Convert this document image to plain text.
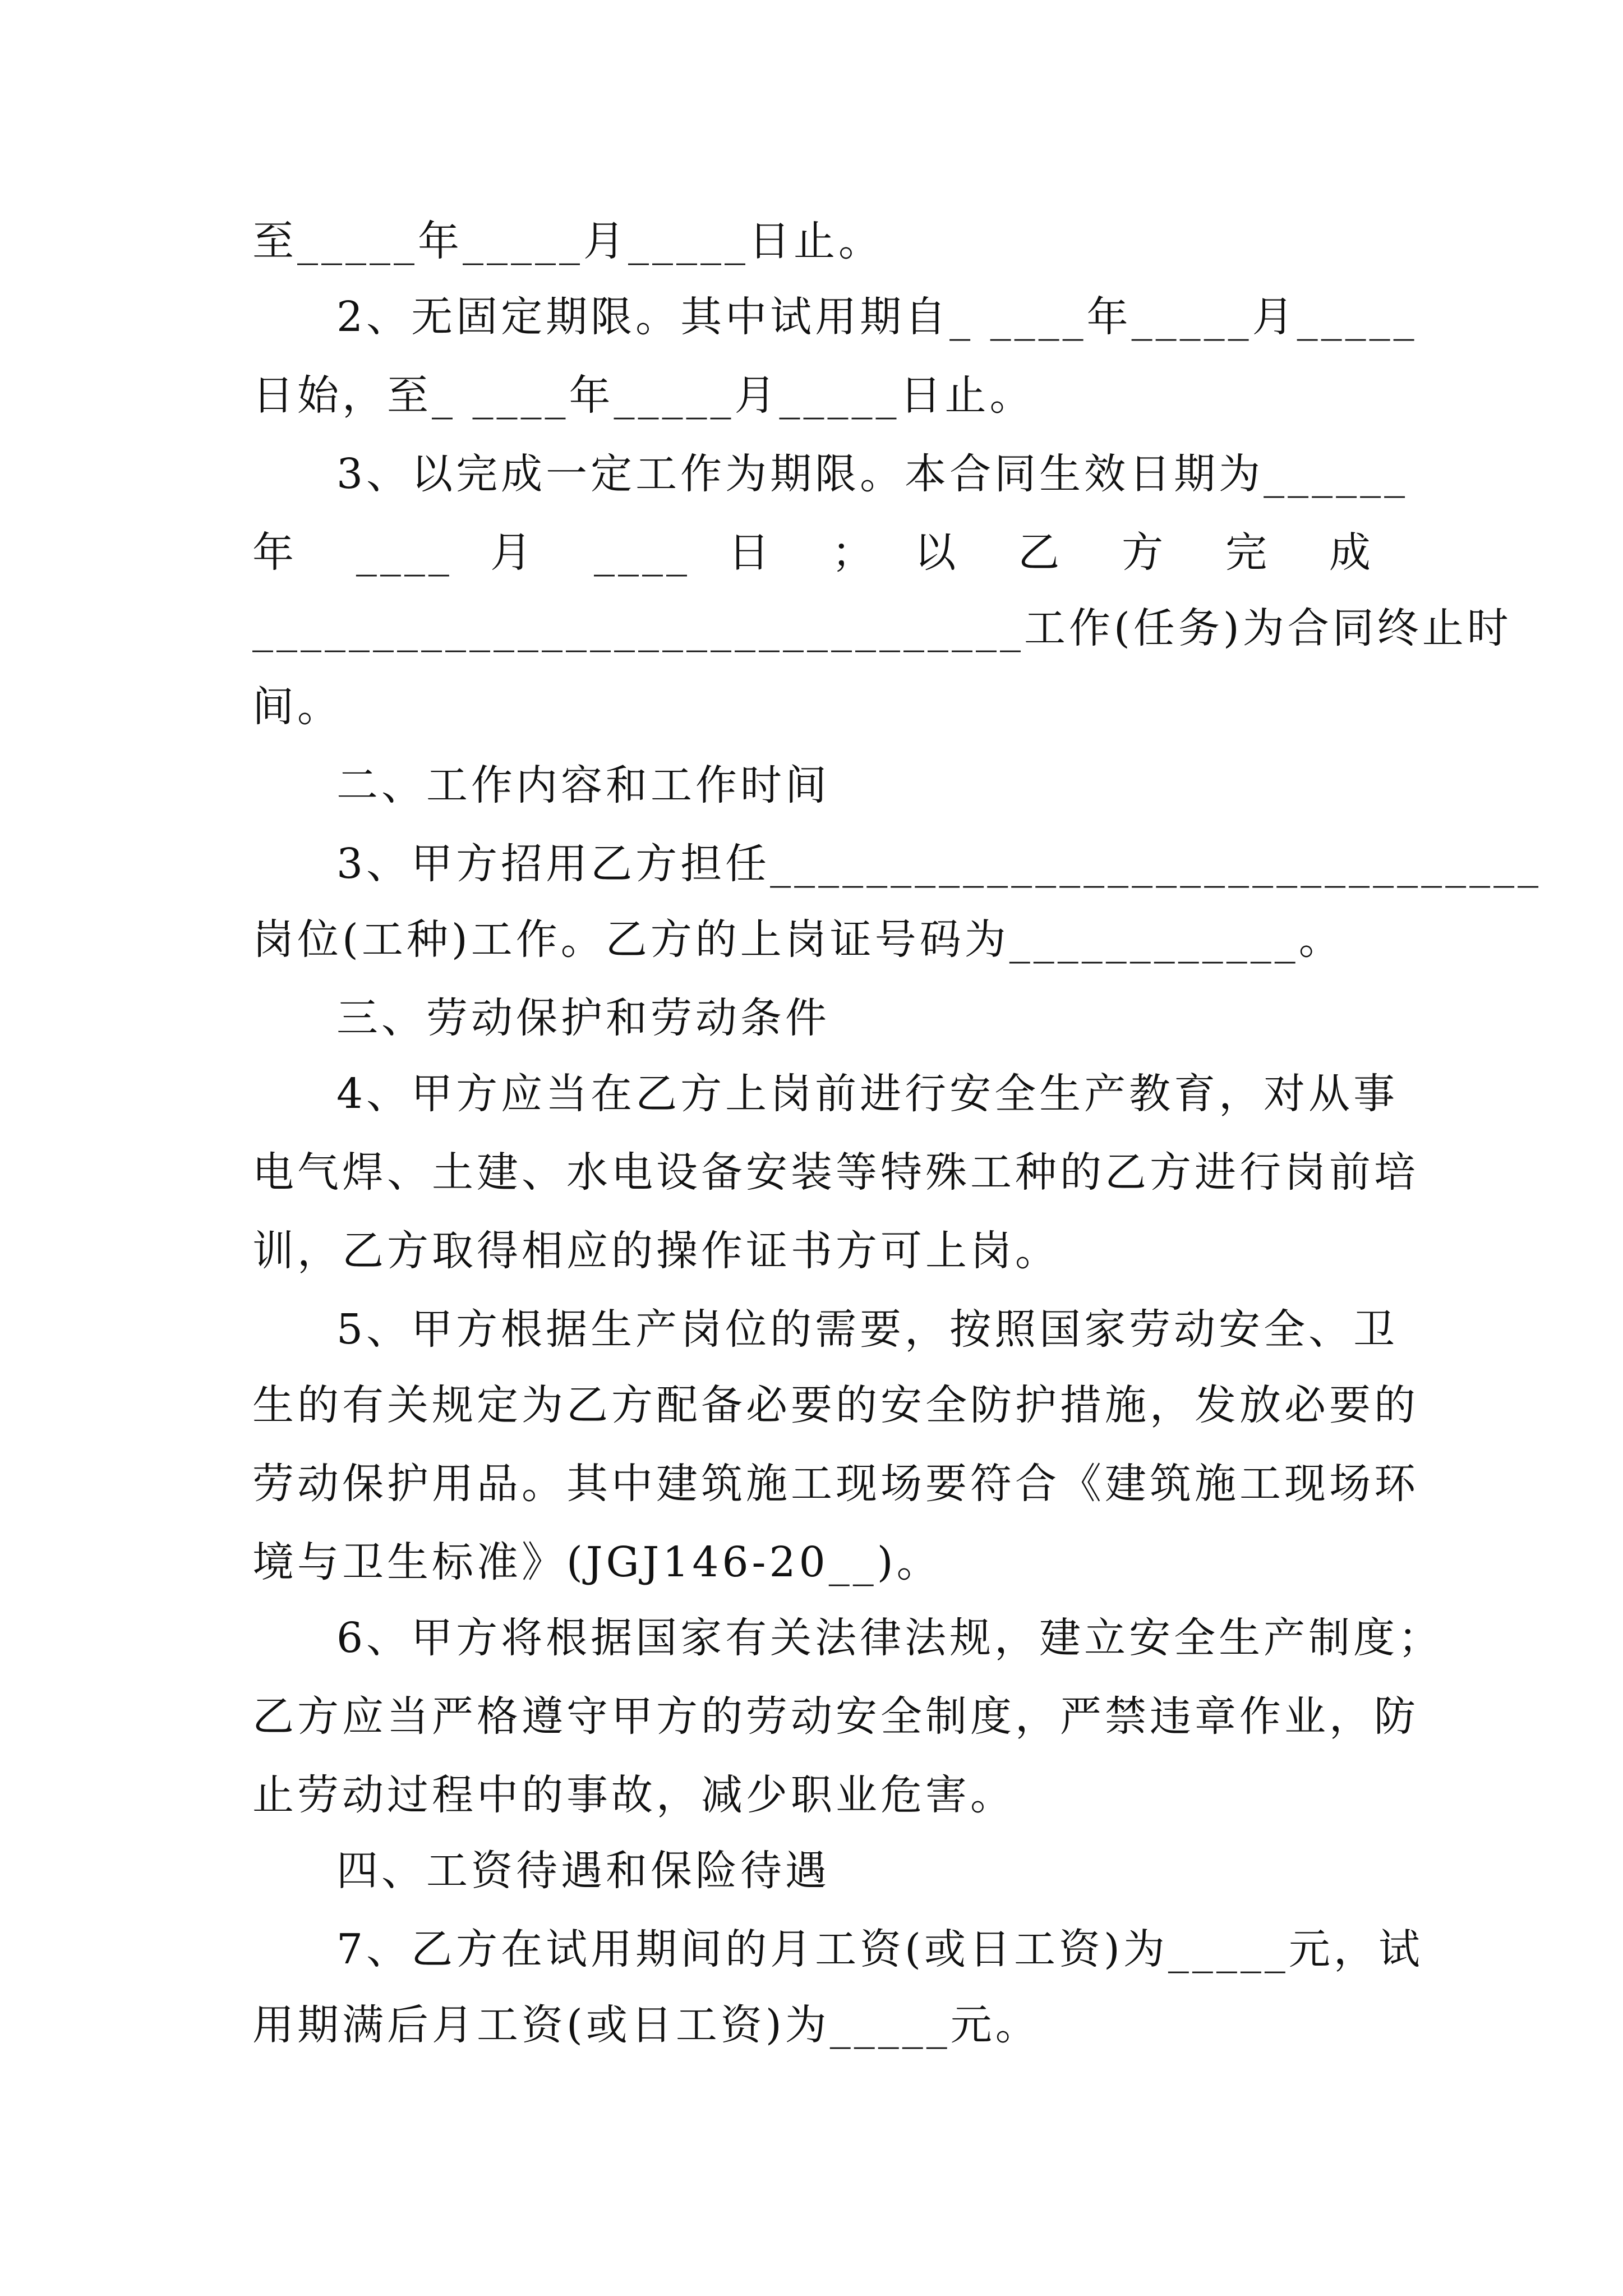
至_____年_____月_____日止。
2、无固定期限。其中试用期自_ ____年_____月_____
日始，至_ ____年_____月_____日止。
3、以完成一定工作为期限。本合同生效日期为______
年 ____ 月 ____ 日 ； 以 乙 方 完 成
________________________________工作(任务)为合同终止时
间。
二、工作内容和工作时间
3、甲方招用乙方担任________________________________
岗位(工种)工作。乙方的上岗证号码为____________。
三、劳动保护和劳动条件
4、甲方应当在乙方上岗前进行安全生产教育，对从事
电气焊、土建、水电设备安装等特殊工种的乙方进行岗前培
训，乙方取得相应的操作证书方可上岗。
5、甲方根据生产岗位的需要，按照国家劳动安全、卫
生的有关规定为乙方配备必要的安全防护措施，发放必要的
劳动保护用品。其中建筑施工现场要符合《建筑施工现场环
境与卫生标准》(JGJ146-20__)。
6、甲方将根据国家有关法律法规，建立安全生产制度；
乙方应当严格遵守甲方的劳动安全制度，严禁违章作业，防
止劳动过程中的事故，减少职业危害。
四、工资待遇和保险待遇
7、乙方在试用期间的月工资(或日工资)为_____元，试
用期满后月工资(或日工资)为_____元。
